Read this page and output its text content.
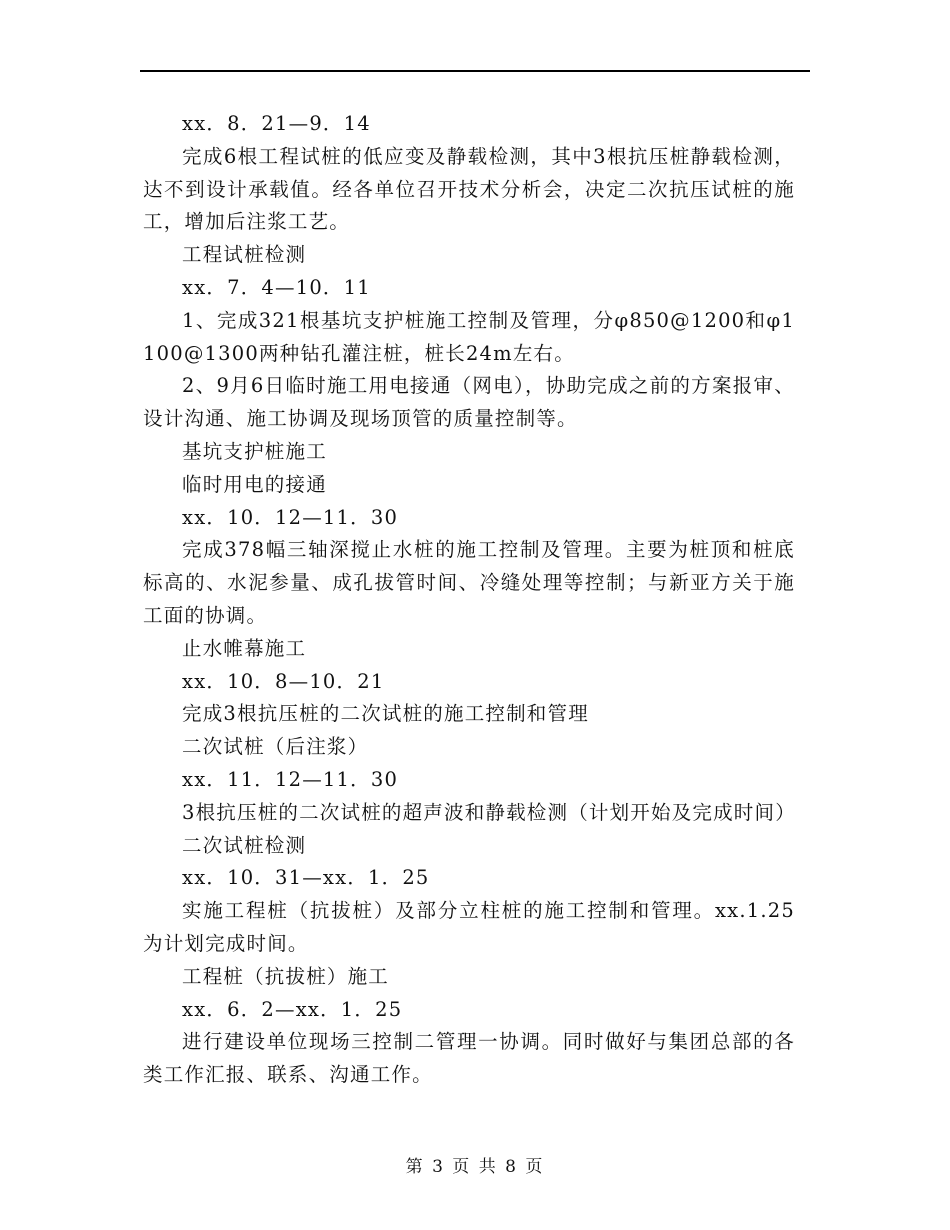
xx．8．21—9．14

完成6根工程试桩的低应变及静载检测，其中3根抗压桩静载检测，达不到设计承载值。经各单位召开技术分析会，决定二次抗压试桩的施工，增加后注浆工艺。

工程试桩检测

xx．7．4—10．11

1、完成321根基坑支护桩施工控制及管理，分φ850@1200和φ1100@1300两种钻孔灌注桩，桩长24m左右。

2、9月6日临时施工用电接通（网电），协助完成之前的方案报审、设计沟通、施工协调及现场顶管的质量控制等。

基坑支护桩施工

临时用电的接通

xx．10．12—11．30

完成378幅三轴深搅止水桩的施工控制及管理。主要为桩顶和桩底标高的、水泥参量、成孔拔管时间、冷缝处理等控制；与新亚方关于施工面的协调。

止水帷幕施工

xx．10．8—10．21

完成3根抗压桩的二次试桩的施工控制和管理

二次试桩（后注浆）

xx．11．12—11．30

3根抗压桩的二次试桩的超声波和静载检测（计划开始及完成时间）

二次试桩检测

xx．10．31—xx．1．25

实施工程桩（抗拔桩）及部分立柱桩的施工控制和管理。xx.1.25为计划完成时间。

工程桩（抗拔桩）施工

xx．6．2—xx．1．25

进行建设单位现场三控制二管理一协调。同时做好与集团总部的各类工作汇报、联系、沟通工作。

第 3 页 共 8 页
